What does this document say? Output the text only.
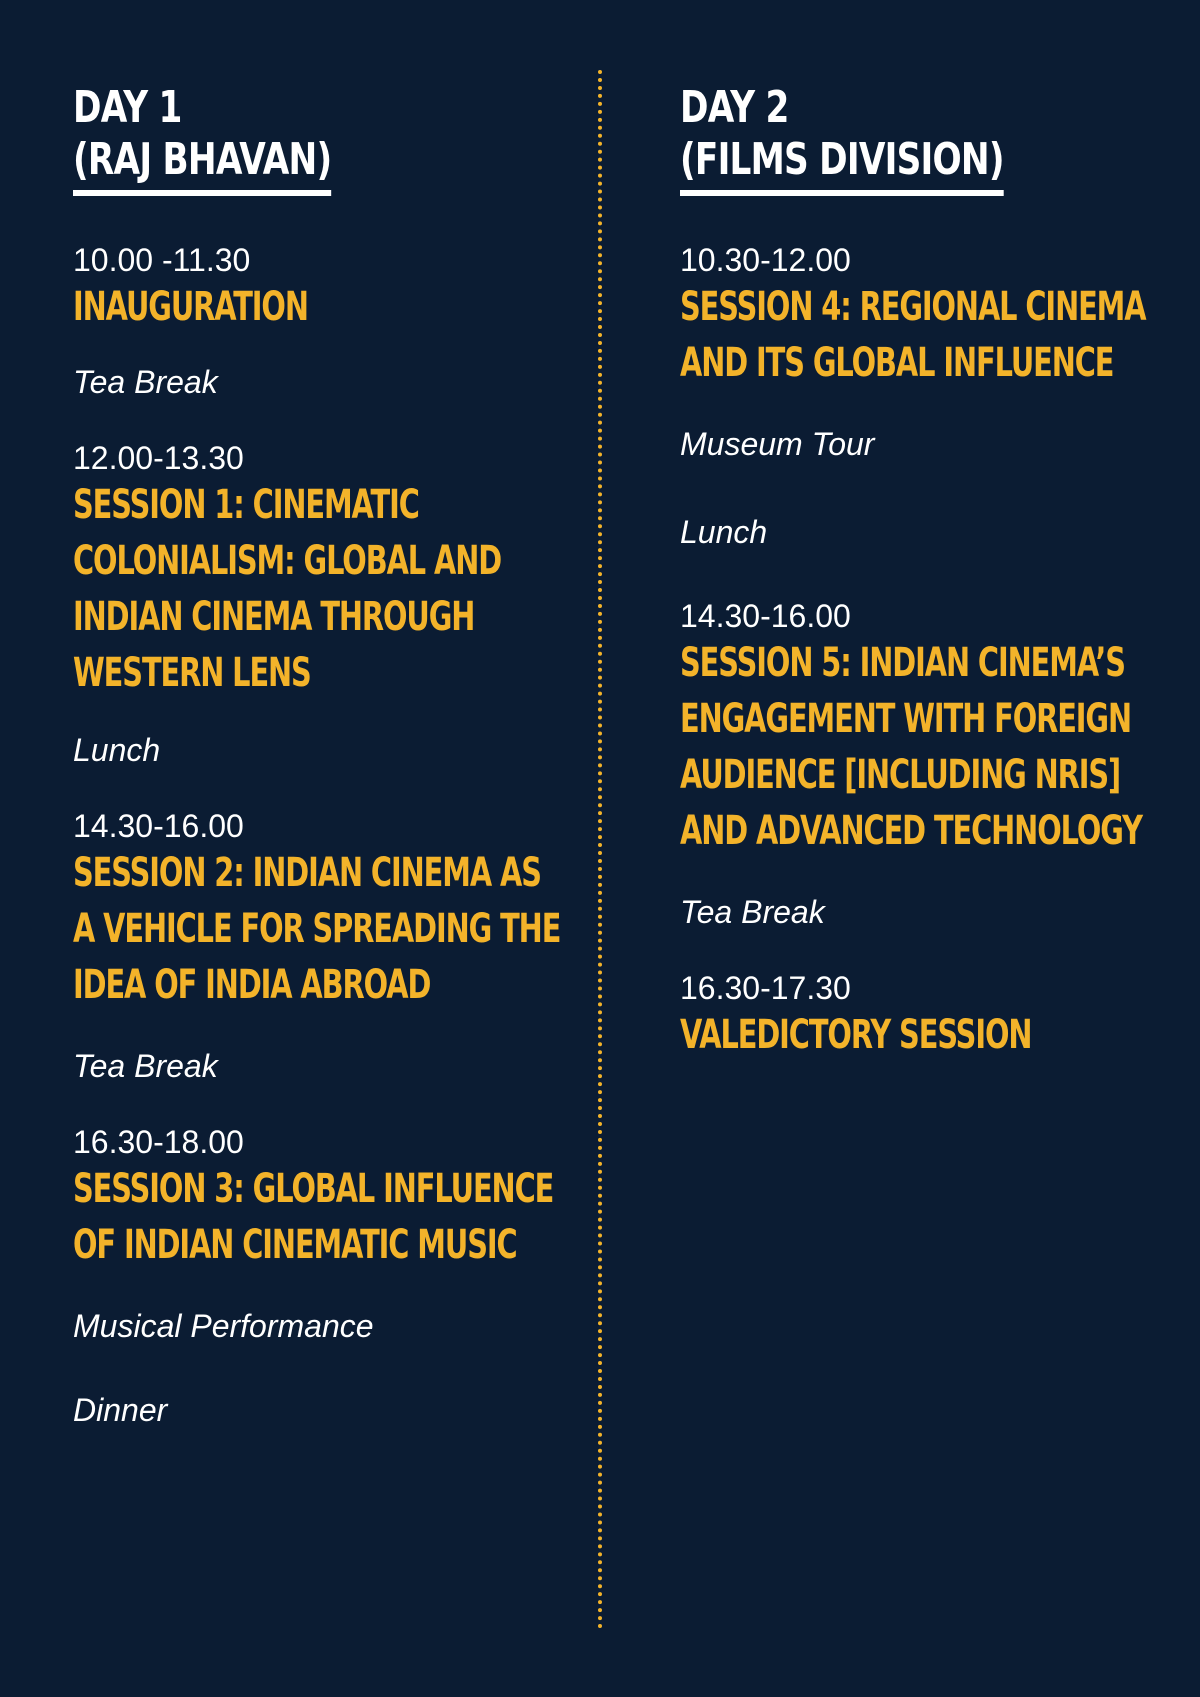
DAY 1
(RAJ BHAVAN)
10.00 -11.30
INAUGURATION
Tea Break
12.00-13.30
SESSION 1: CINEMATIC
COLONIALISM: GLOBAL AND
INDIAN CINEMA THROUGH
WESTERN LENS
Lunch
14.30-16.00
SESSION 2: INDIAN CINEMA AS
A VEHICLE FOR SPREADING THE
IDEA OF INDIA ABROAD
Tea Break
16.30-18.00
SESSION 3: GLOBAL INFLUENCE
OF INDIAN CINEMATIC MUSIC
Musical Performance
Dinner
DAY 2
(FILMS DIVISION)
10.30-12.00
SESSION 4: REGIONAL CINEMA
AND ITS GLOBAL INFLUENCE
Museum Tour
Lunch
14.30-16.00
SESSION 5: INDIAN CINEMA’S
ENGAGEMENT WITH FOREIGN
AUDIENCE [INCLUDING NRIS]
AND ADVANCED TECHNOLOGY
Tea Break
16.30-17.30
VALEDICTORY SESSION
